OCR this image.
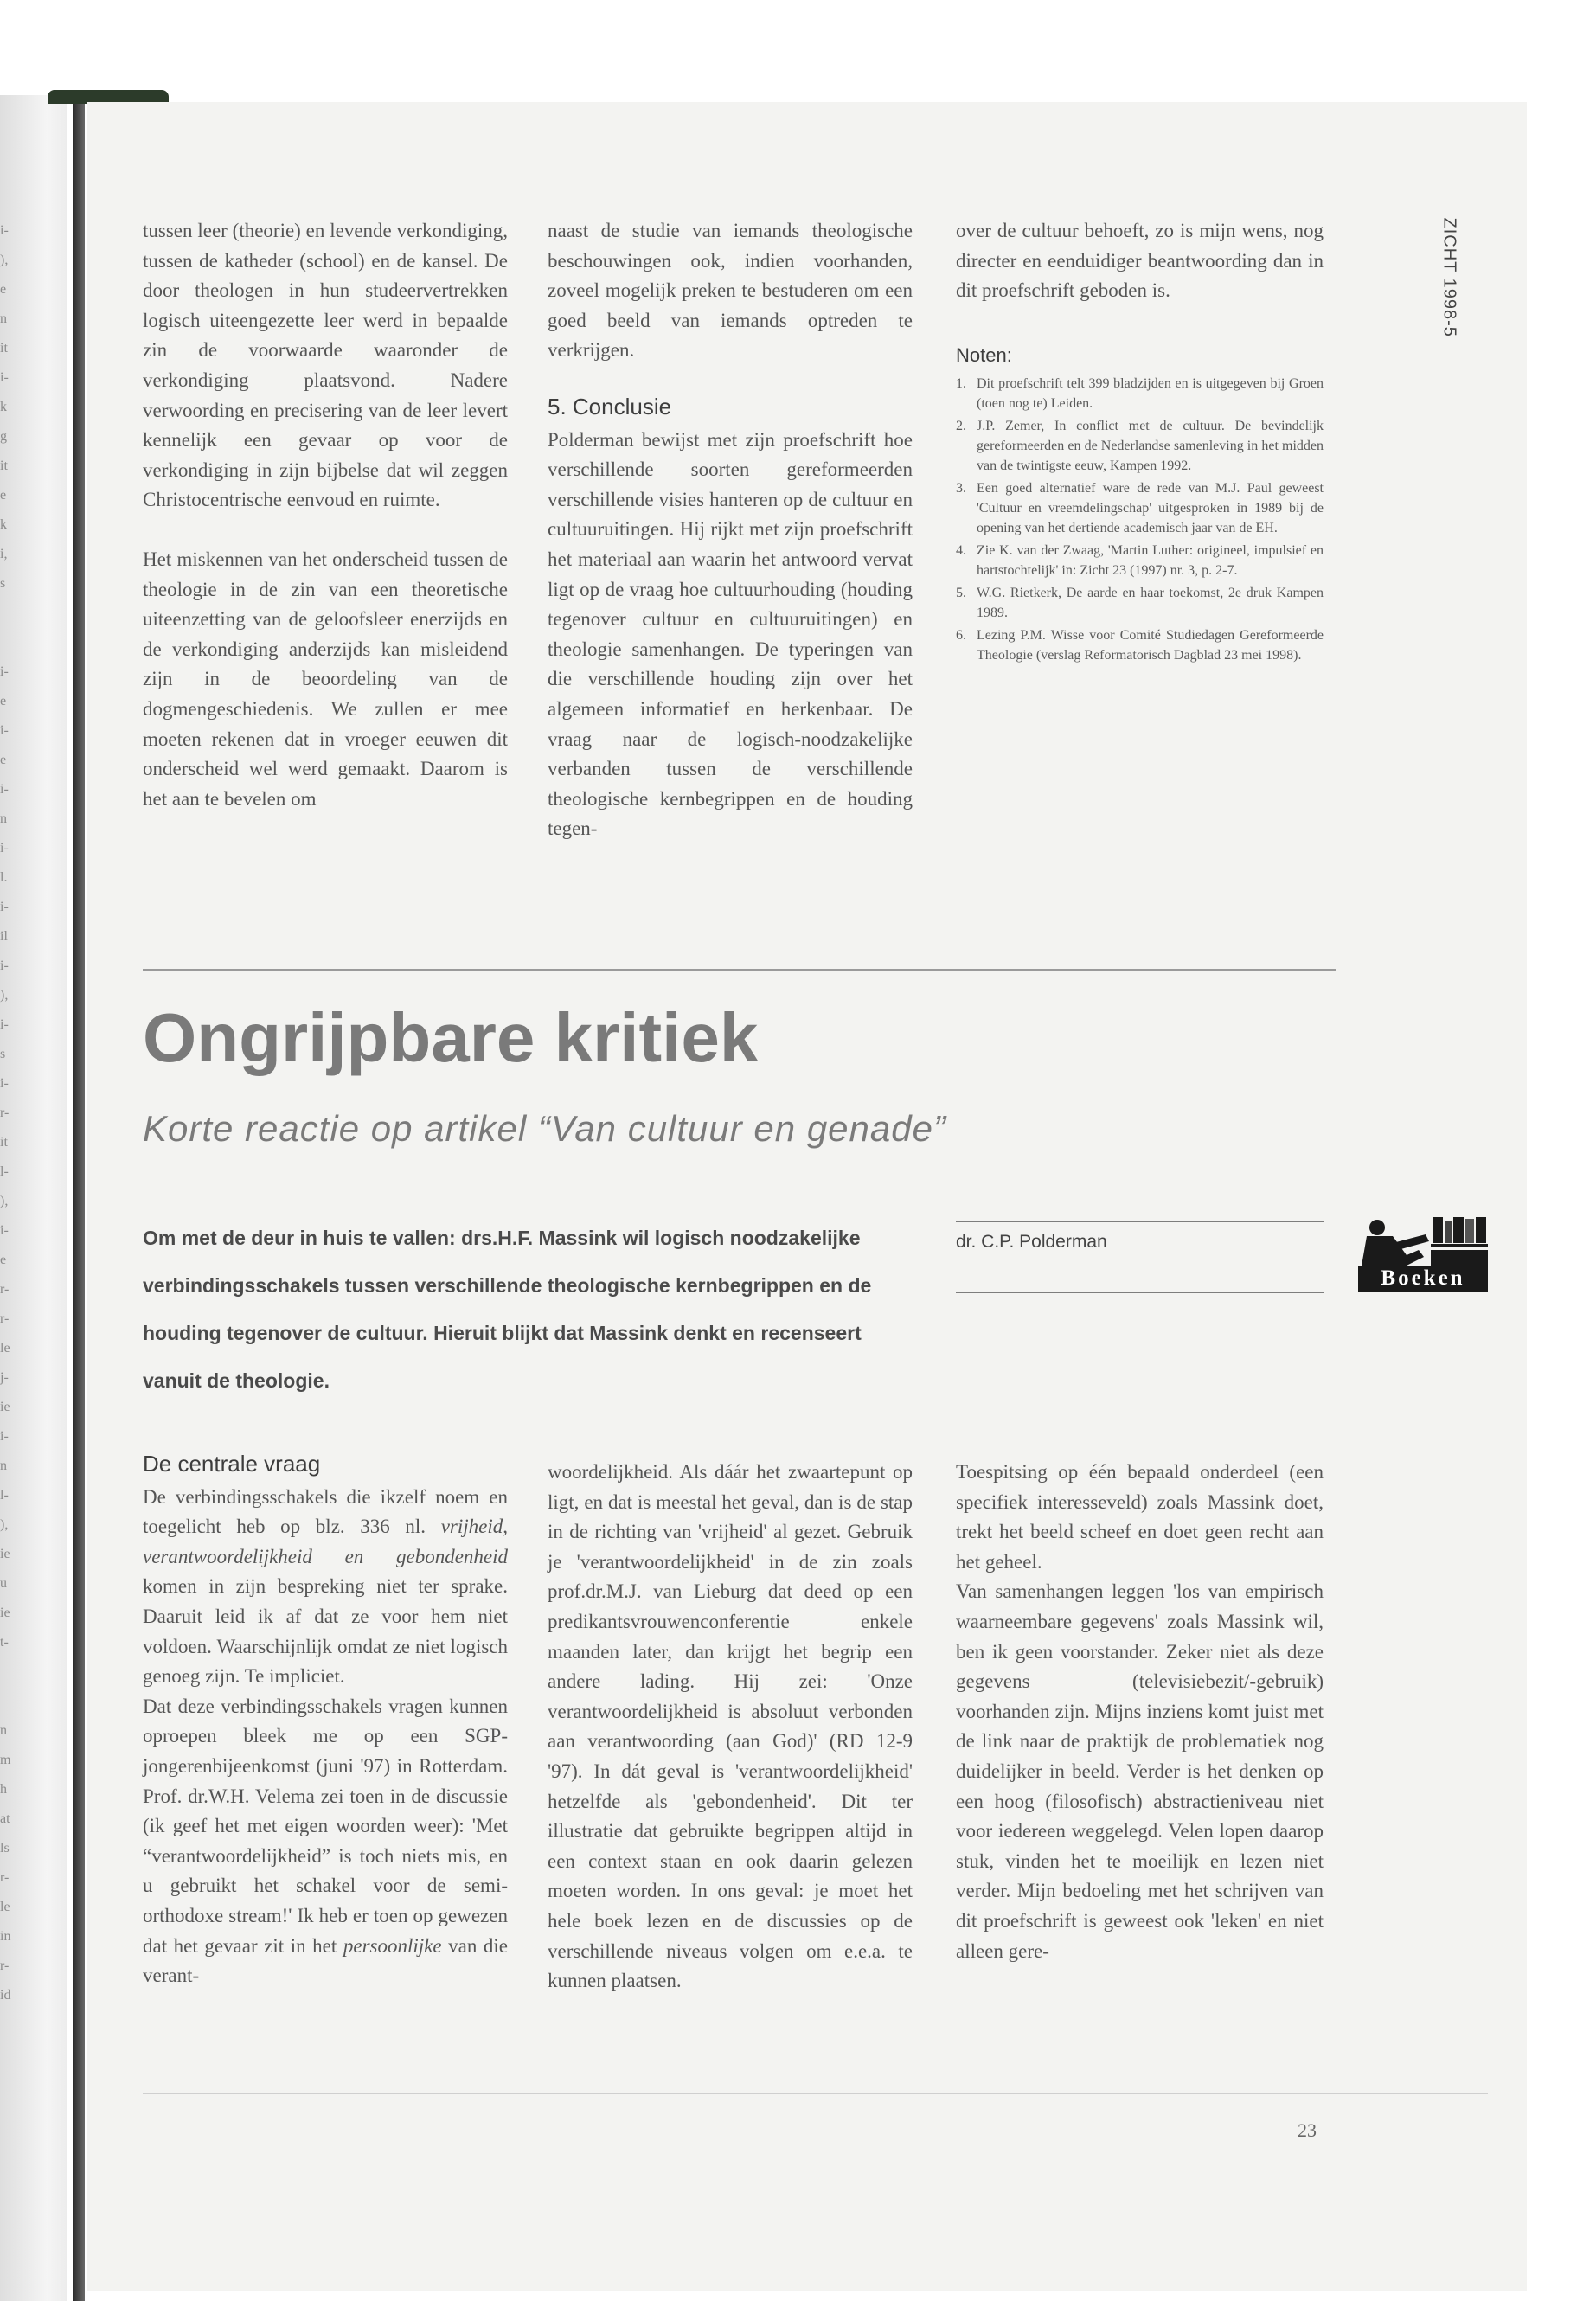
i-
),
e
n
it
i-
k
g
it
e
k
i,
s

i-
e
i-
e
i-
n
i-
l.
i-
il
i-
),
i-
s
i-
r-
it
l-
),
i-
e
r-
r-
le
j-
ie
i-
n
l-
),
ie
u
ie
t-

n
m
h
at
ls
r-
le
in
r-
id
ZICHT 1998-5

tussen leer (theorie) en levende verkondiging, tussen de katheder (school) en de kansel. De door theologen in hun studeervertrekken logisch uiteengezette leer werd in bepaalde zin de voorwaarde waaronder de verkondiging plaatsvond. Nadere verwoording en precisering van de leer levert kennelijk een gevaar op voor de verkondiging in zijn bijbelse dat wil zeggen Christocentrische eenvoud en ruimte.

Het miskennen van het onderscheid tussen de theologie in de zin van een theoretische uiteenzetting van de geloofsleer enerzijds en de verkondiging anderzijds kan misleidend zijn in de beoordeling van de dogmengeschiedenis. We zullen er mee moeten rekenen dat in vroeger eeuwen dit onderscheid wel werd gemaakt. Daarom is het aan te bevelen om

naast de studie van iemands theologische beschouwingen ook, indien voorhanden, zoveel mogelijk preken te bestuderen om een goed beeld van iemands optreden te verkrijgen.

5. Conclusie

Polderman bewijst met zijn proefschrift hoe verschillende soorten gereformeerden verschillende visies hanteren op de cultuur en cultuuruitingen. Hij rijkt met zijn proefschrift het materiaal aan waarin het antwoord vervat ligt op de vraag hoe cultuurhouding (houding tegenover cultuur en cultuuruitingen) en theologie samenhangen. De typeringen van die verschillende houding zijn over het algemeen informatief en herkenbaar. De vraag naar de logisch-noodzakelijke verbanden tussen de verschillende theologische kernbegrippen en de houding tegen-

over de cultuur behoeft, zo is mijn wens, nog directer en eenduidiger beantwoording dan in dit proefschrift geboden is.

Noten:
1. Dit proefschrift telt 399 bladzijden en is uitgegeven bij Groen (toen nog te) Leiden.
2. J.P. Zemer, In conflict met de cultuur. De bevindelijk gereformeerden en de Nederlandse samenleving in het midden van de twintigste eeuw, Kampen 1992.
3. Een goed alternatief ware de rede van M.J. Paul geweest 'Cultuur en vreemdelingschap' uitgesproken in 1989 bij de opening van het dertiende academisch jaar van de EH.
4. Zie K. van der Zwaag, 'Martin Luther: origineel, impulsief en hartstochtelijk' in: Zicht 23 (1997) nr. 3, p. 2-7.
5. W.G. Rietkerk, De aarde en haar toekomst, 2e druk Kampen 1989.
6. Lezing P.M. Wisse voor Comité Studiedagen Gereformeerde Theologie (verslag Reformatorisch Dagblad 23 mei 1998).
Ongrijpbare kritiek
Korte reactie op artikel “Van cultuur en genade”
Om met de deur in huis te vallen: drs.H.F. Massink wil logisch noodzakelijke verbindingsschakels tussen verschillende theologische kernbegrippen en de houding tegenover de cultuur. Hieruit blijkt dat Massink denkt en recenseert vanuit de theologie.
dr. C.P. Polderman
Boeken
De centrale vraag

De verbindingsschakels die ikzelf noem en toegelicht heb op blz. 336 nl. vrijheid, verantwoordelijkheid en gebondenheid komen in zijn bespreking niet ter sprake. Daaruit leid ik af dat ze voor hem niet voldoen. Waarschijnlijk omdat ze niet logisch genoeg zijn. Te impliciet.

Dat deze verbindingsschakels vragen kunnen oproepen bleek me op een SGP-jongerenbijeenkomst (juni '97) in Rotterdam. Prof. dr.W.H. Velema zei toen in de discussie (ik geef het met eigen woorden weer): 'Met “verantwoordelijkheid” is toch niets mis, en u gebruikt het schakel voor de semi-orthodoxe stream!' Ik heb er toen op gewezen dat het gevaar zit in het persoonlijke van die verant-

woordelijkheid. Als dáár het zwaartepunt op ligt, en dat is meestal het geval, dan is de stap in de richting van 'vrijheid' al gezet. Gebruik je 'verantwoordelijkheid' in de zin zoals prof.dr.M.J. van Lieburg dat deed op een predikantsvrouwenconferentie enkele maanden later, dan krijgt het begrip een andere lading. Hij zei: 'Onze verantwoordelijkheid is absoluut verbonden aan verantwoording (aan God)' (RD 12-9 '97). In dát geval is 'verantwoordelijkheid' hetzelfde als 'gebondenheid'. Dit ter illustratie dat gebruikte begrippen altijd in een context staan en ook daarin gelezen moeten worden. In ons geval: je moet het hele boek lezen en de discussies op de verschillende niveaus volgen om e.e.a. te kunnen plaatsen.

Toespitsing op één bepaald onderdeel (een specifiek interesseveld) zoals Massink doet, trekt het beeld scheef en doet geen recht aan het geheel.

Van samenhangen leggen 'los van empirisch waarneembare gegevens' zoals Massink wil, ben ik geen voorstander. Zeker niet als deze gegevens (televisiebezit/-gebruik) voorhanden zijn. Mijns inziens komt juist met de link naar de praktijk de problematiek nog duidelijker in beeld. Verder is het denken op een hoog (filosofisch) abstractieniveau niet voor iedereen weggelegd. Velen lopen daarop stuk, vinden het te moeilijk en lezen niet verder. Mijn bedoeling met het schrijven van dit proefschrift is geweest ook 'leken' en niet alleen gere-

23
